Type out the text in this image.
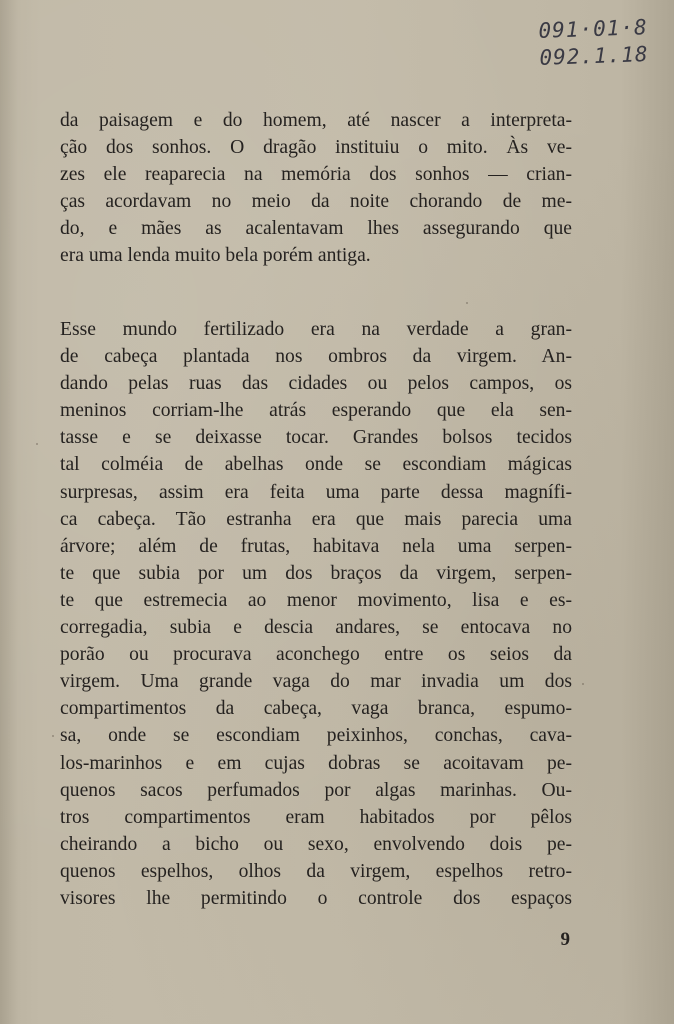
091·01·8
092.1.18
da paisagem e do homem, até nascer a interpreta-
ção dos sonhos. O dragão instituiu o mito. Às ve-
zes ele reaparecia na memória dos sonhos — crian-
ças acordavam no meio da noite chorando de me-
do, e mães as acalentavam lhes assegurando que
era uma lenda muito bela porém antiga.
Esse mundo fertilizado era na verdade a gran-
de cabeça plantada nos ombros da virgem. An-
dando pelas ruas das cidades ou pelos campos, os
meninos corriam-lhe atrás esperando que ela sen-
tasse e se deixasse tocar. Grandes bolsos tecidos
tal colméia de abelhas onde se escondiam mágicas
surpresas, assim era feita uma parte dessa magnífi-
ca cabeça. Tão estranha era que mais parecia uma
árvore; além de frutas, habitava nela uma serpen-
te que subia por um dos braços da virgem, serpen-
te que estremecia ao menor movimento, lisa e es-
corregadia, subia e descia andares, se entocava no
porão ou procurava aconchego entre os seios da
virgem. Uma grande vaga do mar invadia um dos
compartimentos da cabeça, vaga branca, espumo-
sa, onde se escondiam peixinhos, conchas, cava-
los-marinhos e em cujas dobras se acoitavam pe-
quenos sacos perfumados por algas marinhas. Ou-
tros compartimentos eram habitados por pêlos
cheirando a bicho ou sexo, envolvendo dois pe-
quenos espelhos, olhos da virgem, espelhos retro-
visores lhe permitindo o controle dos espaços
9
